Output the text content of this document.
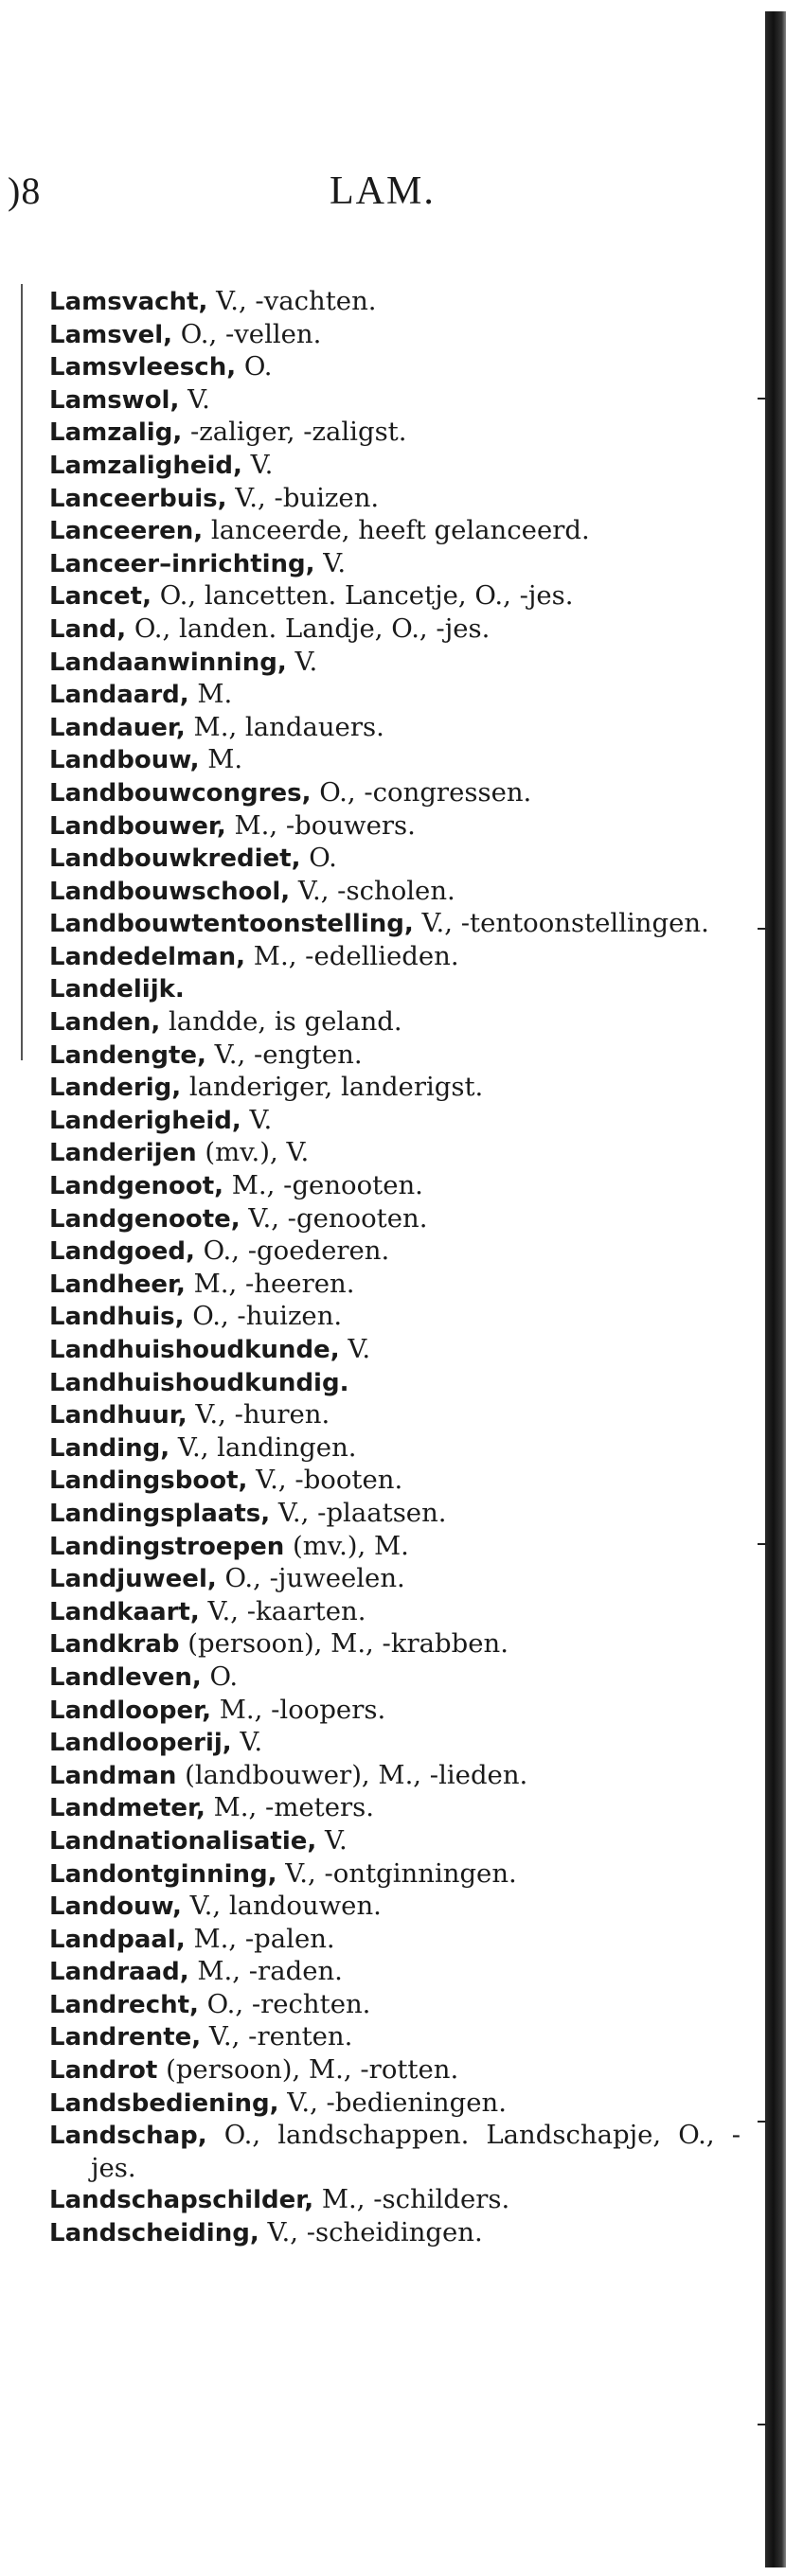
)8	LAM.
Lamsvacht, V., -vachten.
Lamsvel, O., -vellen.
Lamsvleesch, O.
Lamswol, V.
Lamzalig, -zaliger, -zaligst.
Lamzaligheid, V.
Lanceerbuis, V., -buizen.
Lanceeren, lanceerde, heeft gelanceerd.
Lanceer–inrichting, V.
Lancet, O., lancetten. Lancetje, O., -jes.
Land, O., landen. Landje, O., -jes.
Landaanwinning, V.
Landaard, M.
Landauer, M., landauers.
Landbouw, M.
Landbouwcongres, O., -congressen.
Landbouwer, M., -bouwers.
Landbouwkrediet, O.
Landbouwschool, V., -scholen.
Landbouwtentoonstelling, V., -tentoonstellingen.
Landedelman, M., -edellieden.
Landelijk.
Landen, landde, is geland.
Landengte, V., -engten.
Landerig, landeriger, landerigst.
Landerigheid, V.
Landerijen (mv.), V.
Landgenoot, M., -genooten.
Landgenoote, V., -genooten.
Landgoed, O., -goederen.
Landheer, M., -heeren.
Landhuis, O., -huizen.
Landhuishoudkunde, V.
Landhuishoudkundig.
Landhuur, V., -huren.
Landing, V., landingen.
Landingsboot, V., -booten.
Landingsplaats, V., -plaatsen.
Landingstroepen (mv.), M.
Landjuweel, O., -juweelen.
Landkaart, V., -kaarten.
Landkrab (persoon), M., -krabben.
Landleven, O.
Landlooper, M., -loopers.
Landlooperij, V.
Landman (landbouwer), M., -lieden.
Landmeter, M., -meters.
Landnationalisatie, V.
Landontginning, V., -ontginningen.
Landouw, V., landouwen.
Landpaal, M., -palen.
Landraad, M., -raden.
Landrecht, O., -rechten.
Landrente, V., -renten.
Landrot (persoon), M., -rotten.
Landsbediening, V., -bedieningen.
Landschap, O., landschappen. Landschapje, O., -jes.
Landschapschilder, M., -schilders.
Landscheiding, V., -scheidingen.
